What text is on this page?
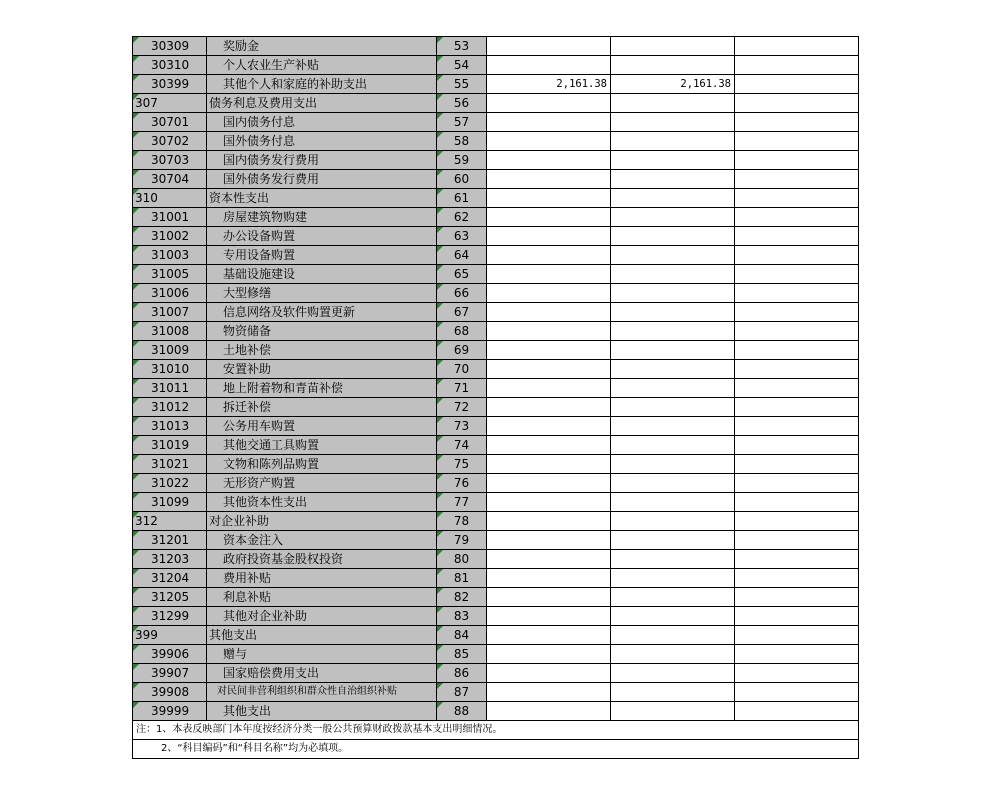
30309	奖励金	53			
30310	个人农业生产补贴	54			
30399	其他个人和家庭的补助支出	55	2,161.38	2,161.38	
307	债务利息及费用支出	56			
30701	国内债务付息	57			
30702	国外债务付息	58			
30703	国内债务发行费用	59			
30704	国外债务发行费用	60			
310	资本性支出	61			
31001	房屋建筑物购建	62			
31002	办公设备购置	63			
31003	专用设备购置	64			
31005	基础设施建设	65			
31006	大型修缮	66			
31007	信息网络及软件购置更新	67			
31008	物资储备	68			
31009	土地补偿	69			
31010	安置补助	70			
31011	地上附着物和青苗补偿	71			
31012	拆迁补偿	72			
31013	公务用车购置	73			
31019	其他交通工具购置	74			
31021	文物和陈列品购置	75			
31022	无形资产购置	76			
31099	其他资本性支出	77			
312	对企业补助	78			
31201	资本金注入	79			
31203	政府投资基金股权投资	80			
31204	费用补贴	81			
31205	利息补贴	82			
31299	其他对企业补助	83			
399	其他支出	84			
39906	赠与	85			
39907	国家赔偿费用支出	86			
39908	对民间非营利组织和群众性自治组织补贴	87			
39999	其他支出	88			
注：1、本表反映部门本年度按经济分类一般公共预算财政拨款基本支出明细情况。					
2、“科目编码”和“科目名称”均为必填项。					
